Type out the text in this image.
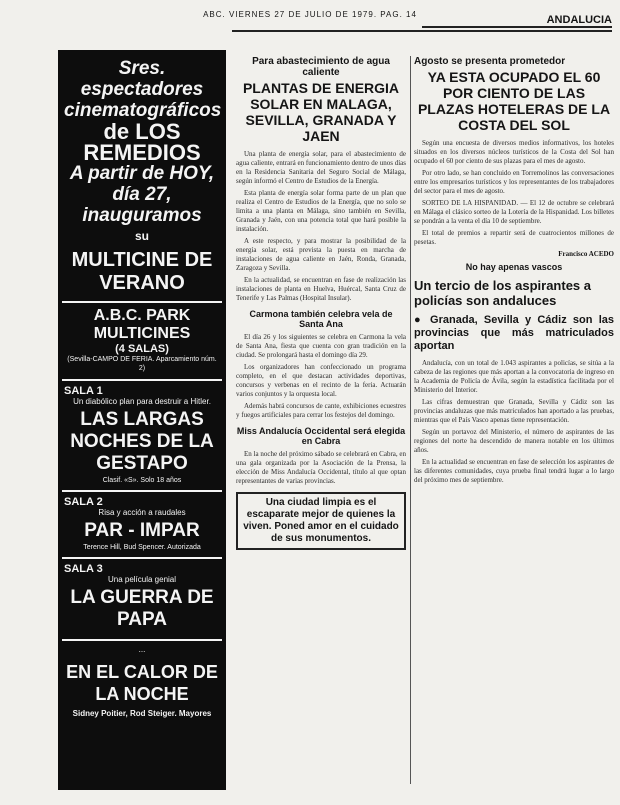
ABC. VIERNES 27 DE JULIO DE 1979. PAG. 14	ANDALUCIA
Sres. espectadores
cinematográficos
de LOS REMEDIOS
A partir de HOY,
día 27, inauguramos
su
MULTICINE DE VERANO
A.B.C. PARK MULTICINES
(4 SALAS)
(Sevilla-CAMPO DE FERIA. Aparcamiento núm. 2)
SALA 1
Un diabólico plan para destruir a Hitler.
LAS LARGAS NOCHES DE LA GESTAPO
Clasif. «S». Solo 18 años
SALA 2
Risa y acción a raudales
PAR - IMPAR
Terence Hill, Bud Spencer. Autorizada
SALA 3
Una película genial
LA GUERRA DE PAPA
...
EN EL CALOR DE
LA NOCHE
Sidney Poitier, Rod Steiger. Mayores
Para abastecimiento de agua caliente
PLANTAS DE ENERGIA SOLAR EN MALAGA, SEVILLA, GRANADA Y JAEN

Una planta de energía solar, para el abastecimiento de agua caliente, entrará en funcionamiento dentro de unos días en la Residencia Sanitaria del Seguro Social de Málaga, según informó el Centro de Estudios de la Energía.

Esta planta de energía solar forma parte de un plan que realiza el Centro de Estudios de la Energía, que no solo se limita a una planta en Málaga, sino también en Sevilla, Granada y Jaén, con una potencia total que hará posible la instalación.

A este respecto, y para mostrar la posibilidad de la energía solar, está prevista la puesta en marcha de instalaciones de agua caliente en Jaén, Ronda, Granada, Zaragoza y Sevilla.

En la actualidad, se encuentran en fase de realización las instalaciones de planta en Huelva, Huércal, Santa Cruz de Tenerife y Las Palmas (Hospital Insular).

Carmona también celebra vela de Santa Ana

El día 26 y los siguientes se celebra en Carmona la vela de Santa Ana, fiesta que cuenta con gran tradición en la ciudad. Se prolongará hasta el domingo día 29.

Los organizadores han confeccionado un programa completo, en el que destacan actividades deportivas, concursos y verbenas en el recinto de la feria. Actuarán varios conjuntos y la orquesta local.

Además habrá concursos de cante, exhibiciones ecuestres y fuegos artificiales para cerrar los festejos del domingo.

Miss Andalucía Occidental será elegida en Cabra

En la noche del próximo sábado se celebrará en Cabra, en una gala organizada por la Asociación de la Prensa, la elección de Miss Andalucía Occidental, título al que optan representantes de varias provincias.

Una ciudad limpia es el escaparate mejor de quienes la viven. Poned amor en el cuidado de sus monumentos.
Agosto se presenta prometedor
YA ESTA OCUPADO EL 60 POR CIENTO DE LAS PLAZAS HOTELERAS DE LA COSTA DEL SOL

Según una encuesta de diversos medios informativos, los hoteles situados en los diversos núcleos turísticos de la Costa del Sol han ocupado el 60 por ciento de sus plazas para el mes de agosto.

Por otro lado, se han concluido en Torremolinos las conversaciones entre los empresarios turísticos y los representantes de los trabajadores del sector para el mes de agosto.

SORTEO DE LA HISPANIDAD. — El 12 de octubre se celebrará en Málaga el clásico sorteo de la Lotería de la Hispanidad. Los billetes se pondrán a la venta el día 10 de septiembre.

El total de premios a repartir será de cuatrocientos millones de pesetas.

Francisco ACEDO
No hay apenas vascos
Un tercio de los aspirantes a policías son andaluces
● Granada, Sevilla y Cádiz son las provincias que más matriculados aportan

Andalucía, con un total de 1.043 aspirantes a policías, se sitúa a la cabeza de las regiones que más aportan a la convocatoria de ingreso en la Academia de Policía de Ávila, según la estadística facilitada por el Ministerio del Interior.

Las cifras demuestran que Granada, Sevilla y Cádiz son las provincias andaluzas que más matriculados han aportado a las pruebas, mientras que el País Vasco apenas tiene representación.

Según un portavoz del Ministerio, el número de aspirantes de las regiones del norte ha descendido de manera notable en los últimos años.

En la actualidad se encuentran en fase de selección los aspirantes de las diferentes comunidades, cuya prueba final tendrá lugar a lo largo del próximo mes de septiembre.
